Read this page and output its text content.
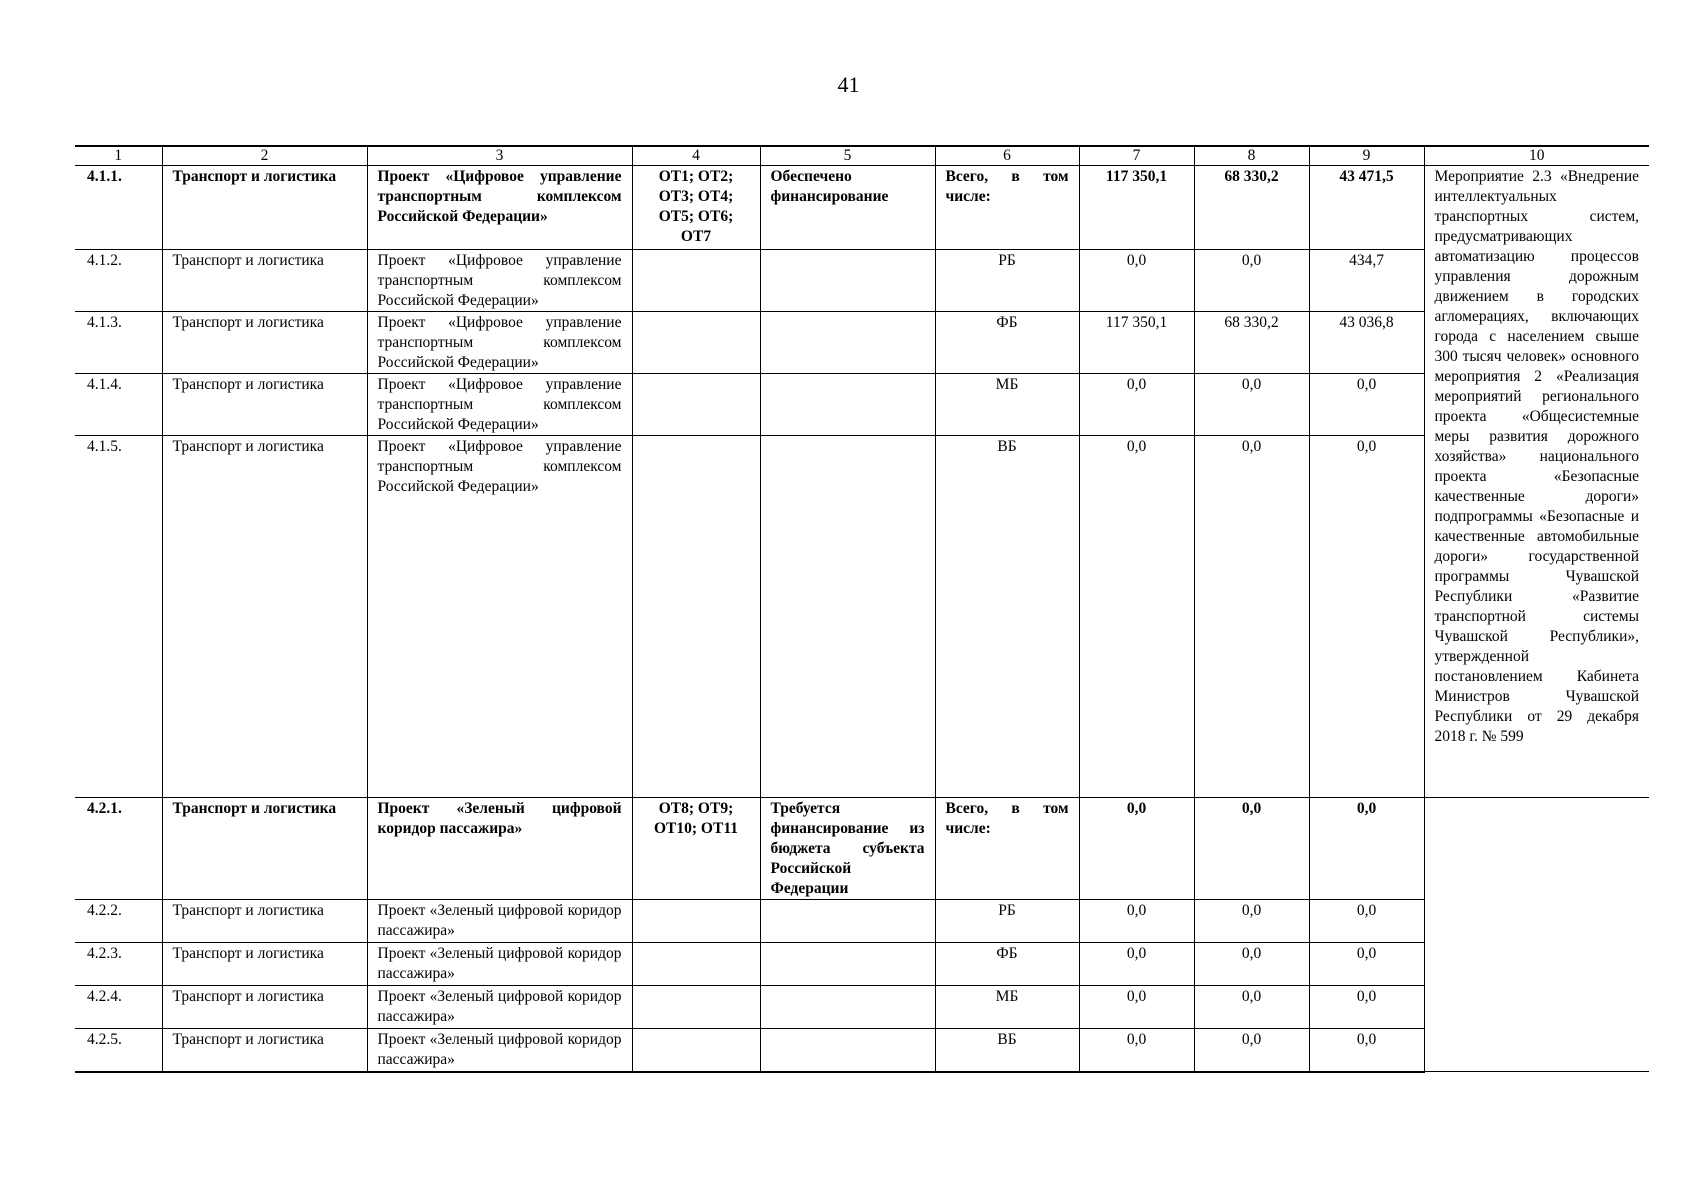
41
1	2	3	4	5	6	7	8	9	10
4.1.1.	Транспорт и логистика	Проект «Цифровое управление транспортным комплексом Российской Федерации»	ОТ1; ОТ2; ОТ3; ОТ4; ОТ5; ОТ6; ОТ7	Обеспечено финансирование	Всего, в том числе:	117 350,1	68 330,2	43 471,5	Мероприятие 2.3 «Внедрение интеллектуальных транспортных систем, предусматривающих автоматизацию процессов управления дорожным движением в городских агломерациях, включающих города с населением свыше 300 тысяч человек» основного мероприятия 2 «Реализация мероприятий регионального проекта «Общесистемные меры развития дорожного хозяйства» национального проекта «Безопасные качественные дороги» подпрограммы «Безопасные и качественные автомобильные дороги» государственной программы Чувашской Республики «Развитие транспортной системы Чувашской Республики», утвержденной постановлением Кабинета Министров Чувашской Республики от 29 декабря 2018 г. № 599
4.1.2.	Транспорт и логистика	Проект «Цифровое управление транспортным комплексом Российской Федерации»			РБ	0,0	0,0	434,7	
4.1.3.	Транспорт и логистика	Проект «Цифровое управление транспортным комплексом Российской Федерации»			ФБ	117 350,1	68 330,2	43 036,8	
4.1.4.	Транспорт и логистика	Проект «Цифровое управление транспортным комплексом Российской Федерации»			МБ	0,0	0,0	0,0	
4.1.5.	Транспорт и логистика	Проект «Цифровое управление транспортным комплексом Российской Федерации»			ВБ	0,0	0,0	0,0	
4.2.1.	Транспорт и логистика	Проект «Зеленый цифровой коридор пассажира»	ОТ8; ОТ9; ОТ10; ОТ11	Требуется финансирование из бюджета субъекта Российской Федерации	Всего, в том числе:	0,0	0,0	0,0	
4.2.2.	Транспорт и логистика	Проект «Зеленый цифровой коридор пассажира»			РБ	0,0	0,0	0,0	
4.2.3.	Транспорт и логистика	Проект «Зеленый цифровой коридор пассажира»			ФБ	0,0	0,0	0,0	
4.2.4.	Транспорт и логистика	Проект «Зеленый цифровой коридор пассажира»			МБ	0,0	0,0	0,0	
4.2.5.	Транспорт и логистика	Проект «Зеленый цифровой коридор пассажира»			ВБ	0,0	0,0	0,0	
